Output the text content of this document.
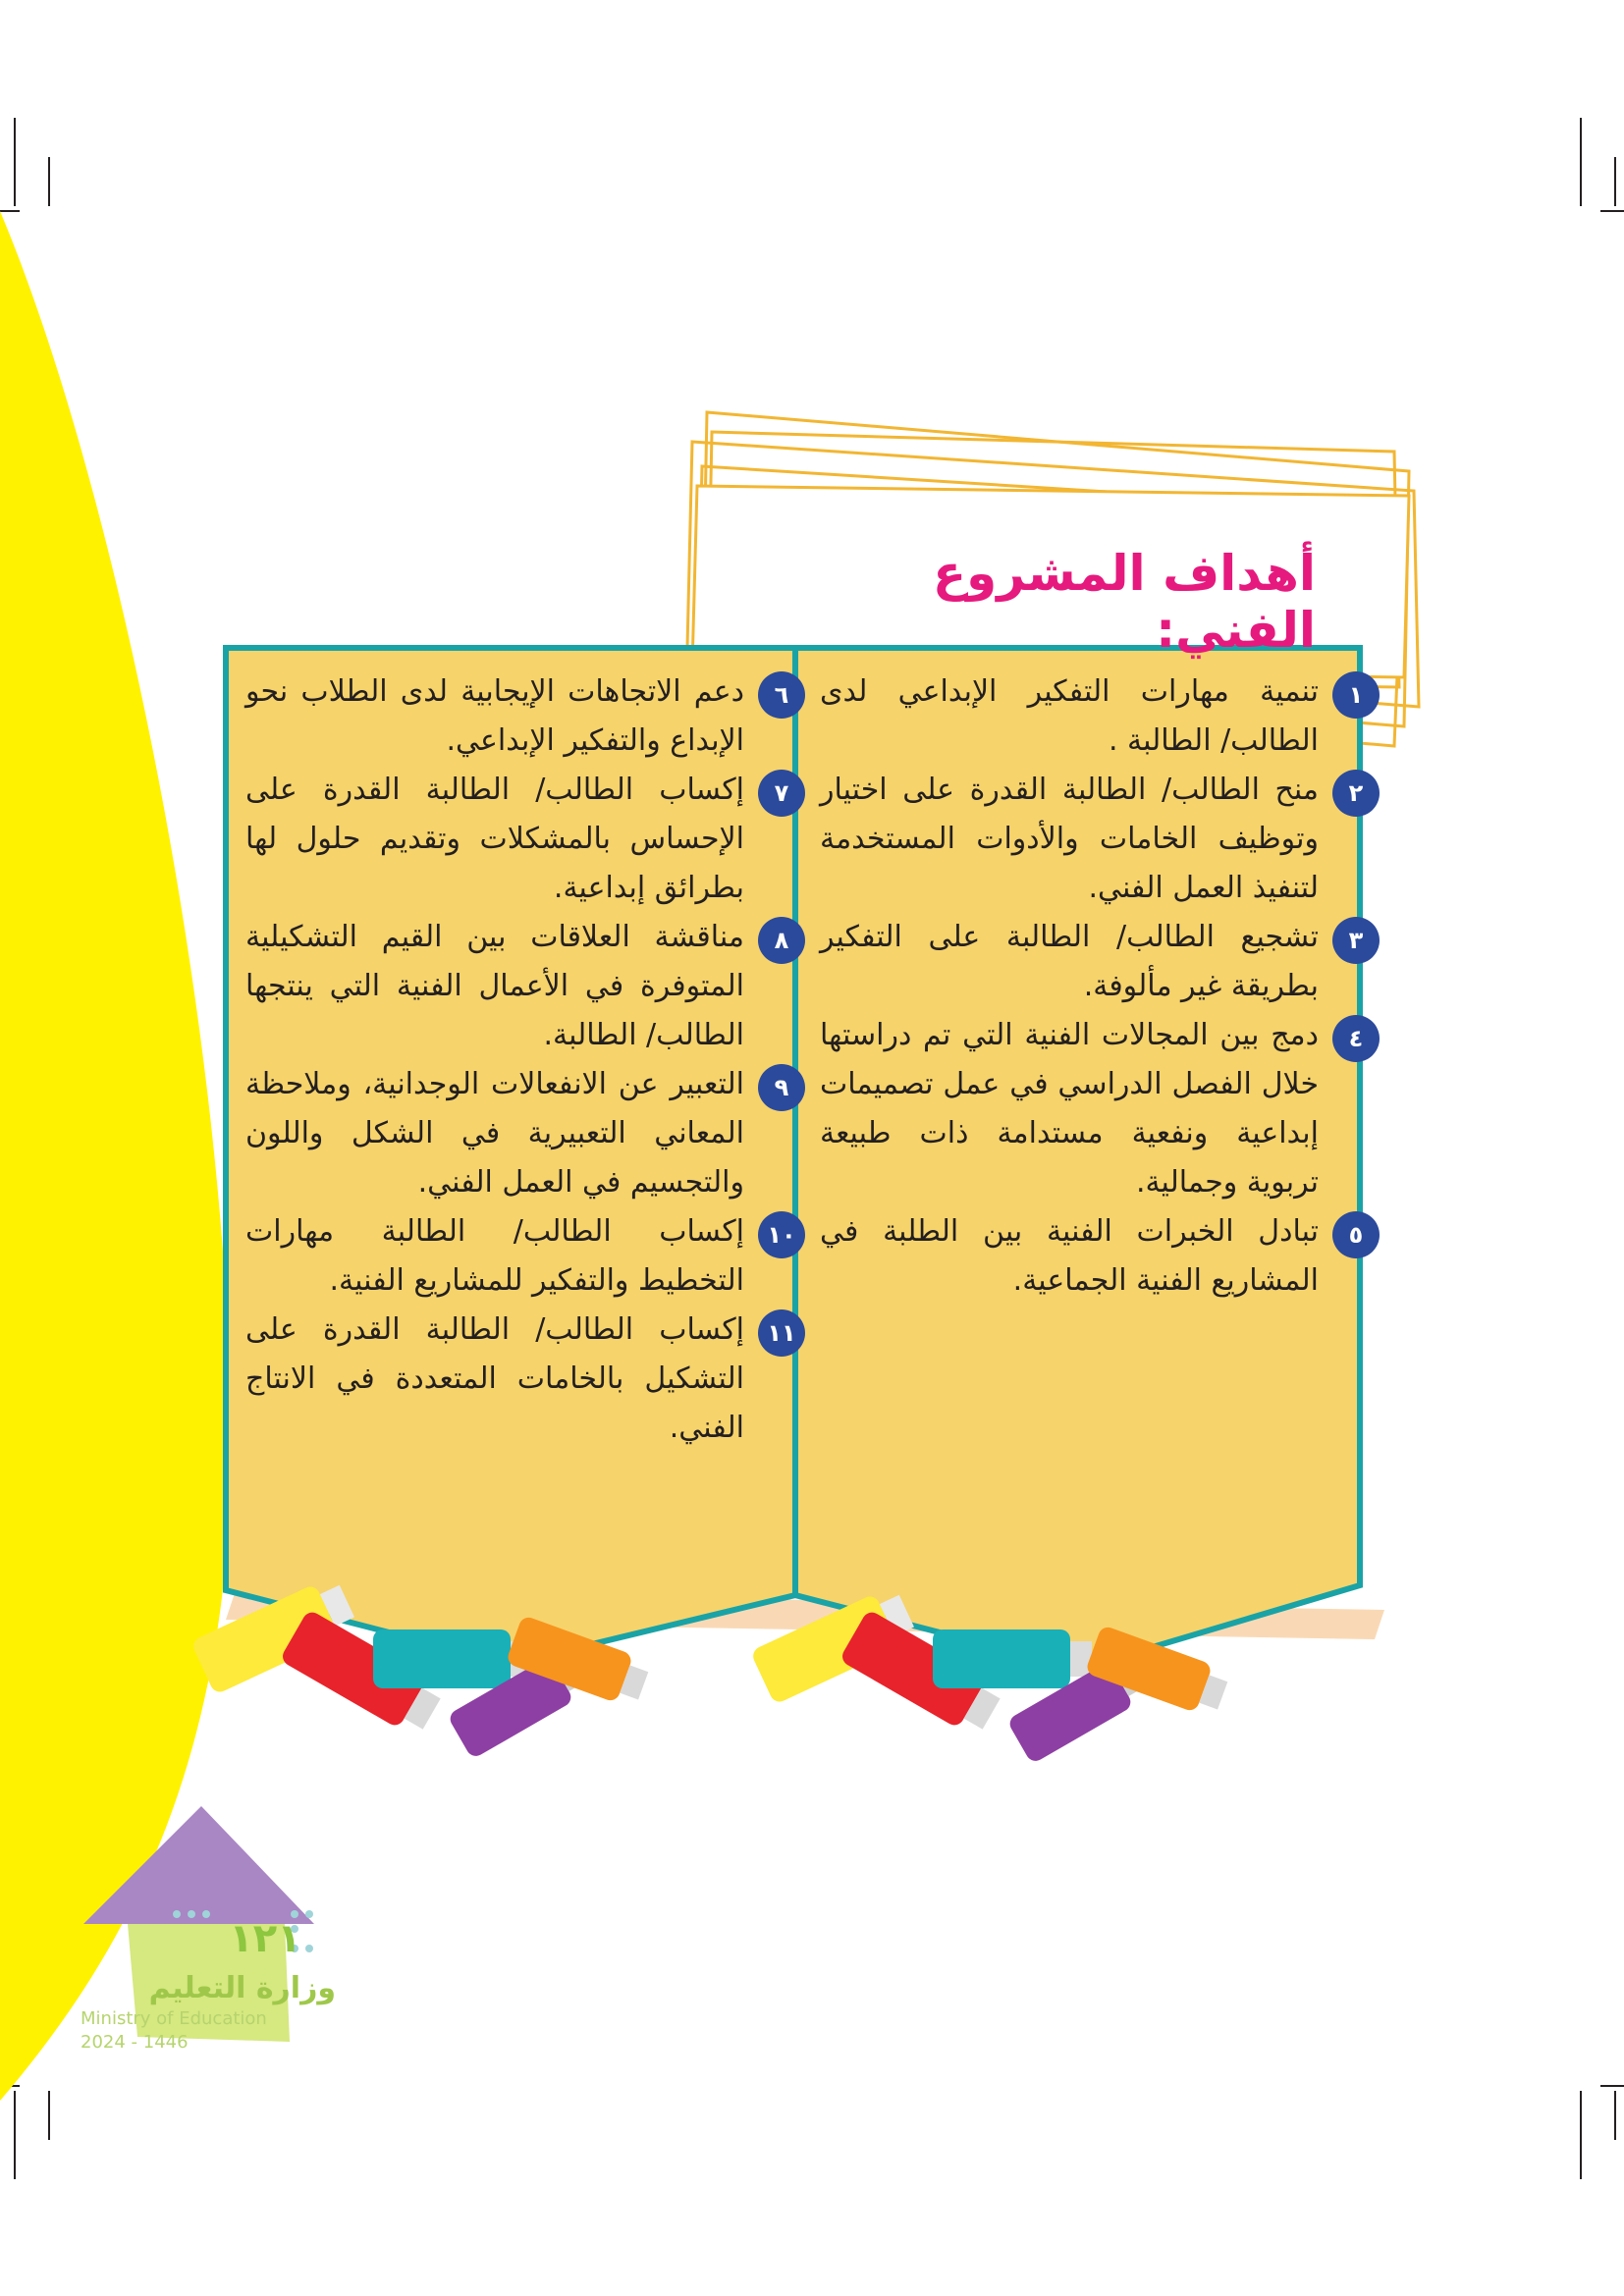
أهداف المشروع الفني:
١
تنمية مهارات التفكير الإبداعي لدى الطالب/ الطالبة .
٢
منح الطالب/ الطالبة القدرة على اختيار وتوظيف الخامات والأدوات المستخدمة لتنفيذ العمل الفني.
٣
تشجيع الطالب/ الطالبة على التفكير بطريقة غير مألوفة.
٤
دمج بين المجالات الفنية التي تم دراستها خلال الفصل الدراسي في عمل تصميمات إبداعية ونفعية مستدامة ذات طبيعة تربوية وجمالية.
٥
تبادل الخبرات الفنية بين الطلبة في المشاريع الفنية الجماعية.
٦
دعم الاتجاهات الإيجابية لدى الطلاب نحو الإبداع والتفكير الإبداعي.
٧
إكساب الطالب/ الطالبة القدرة على الإحساس بالمشكلات وتقديم حلول لها بطرائق إبداعية.
٨
مناقشة العلاقات بين القيم التشكيلية المتوفرة في الأعمال الفنية التي ينتجها الطالب/ الطالبة.
٩
التعبير عن الانفعالات الوجدانية، وملاحظة المعاني التعبيرية في الشكل واللون والتجسيم في العمل الفني.
١٠
إكساب الطالب/ الطالبة مهارات التخطيط والتفكير للمشاريع الفنية.
١١
إكساب الطالب/ الطالبة القدرة على التشكيل بالخامات المتعددة في الانتاج الفني.
١٢١
وزارة التعليم
Ministry of Education
2024 - 1446
